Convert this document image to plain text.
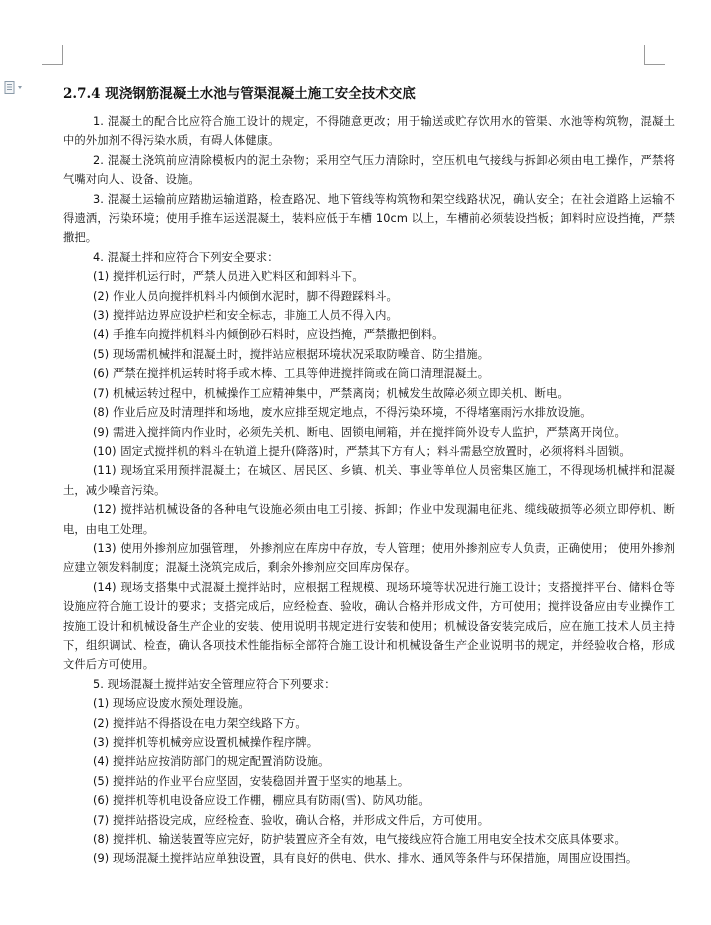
2.7.4 现浇钢筋混凝土水池与管渠混凝土施工安全技术交底

1. 混凝土的配合比应符合施工设计的规定，不得随意更改；用于输送或贮存饮用水的管渠、水池等构筑物，混凝土中的外加剂不得污染水质，有碍人体健康。

2. 混凝土浇筑前应清除模板内的泥土杂物；采用空气压力清除时，空压机电气接线与拆卸必须由电工操作，严禁将气嘴对向人、设备、设施。

3. 混凝土运输前应踏勘运输道路，检查路况、地下管线等构筑物和架空线路状况，确认安全；在社会道路上运输不得遗洒，污染环境；使用手推车运送混凝土，装料应低于车槽 10cm 以上，车槽前必须装设挡板；卸料时应设挡掩，严禁撒把。

4. 混凝土拌和应符合下列安全要求：

(1) 搅拌机运行时，严禁人员进入贮料区和卸料斗下。

(2) 作业人员向搅拌机料斗内倾倒水泥时，脚不得蹬踩料斗。

(3) 搅拌站边界应设护栏和安全标志，非施工人员不得入内。

(4) 手推车向搅拌机料斗内倾倒砂石料时，应设挡掩，严禁撒把倒料。

(5) 现场需机械拌和混凝土时，搅拌站应根据环境状况采取防噪音、防尘措施。

(6) 严禁在搅拌机运转时将手或木棒、工具等伸进搅拌筒或在筒口清理混凝土。

(7) 机械运转过程中，机械操作工应精神集中，严禁离岗；机械发生故障必须立即关机、断电。

(8) 作业后应及时清理拌和场地，废水应排至规定地点，不得污染环境，不得堵塞雨污水排放设施。

(9) 需进入搅拌筒内作业时，必须先关机、断电、固锁电闸箱，并在搅拌筒外设专人监护，严禁离开岗位。

(10) 固定式搅拌机的料斗在轨道上提升(降落)时，严禁其下方有人；料斗需悬空放置时，必须将料斗固锁。

(11) 现场宜采用预拌混凝土；在城区、居民区、乡镇、机关、事业等单位人员密集区施工，不得现场机械拌和混凝土，减少噪音污染。

(12) 搅拌站机械设备的各种电气设施必须由电工引接、拆卸；作业中发现漏电征兆、缆线破损等必须立即停机、断电，由电工处理。

(13) 使用外掺剂应加强管理， 外掺剂应在库房中存放，专人管理；使用外掺剂应专人负责，正确使用； 使用外掺剂应建立领发料制度；混凝土浇筑完成后，剩余外掺剂应交回库房保存。

(14) 现场支搭集中式混凝土搅拌站时，应根据工程规模、现场环境等状况进行施工设计；支搭搅拌平台、储料仓等设施应符合施工设计的要求；支搭完成后，应经检查、验收，确认合格并形成文件，方可使用；搅拌设备应由专业操作工按施工设计和机械设备生产企业的安装、使用说明书规定进行安装和使用；机械设备安装完成后，应在施工技术人员主持下，组织调试、检查，确认各项技术性能指标全部符合施工设计和机械设备生产企业说明书的规定，并经验收合格，形成文件后方可使用。

5. 现场混凝土搅拌站安全管理应符合下列要求：

(1) 现场应设废水预处理设施。

(2) 搅拌站不得搭设在电力架空线路下方。

(3) 搅拌机等机械旁应设置机械操作程序牌。

(4) 搅拌站应按消防部门的规定配置消防设施。

(5) 搅拌站的作业平台应坚固，安装稳固并置于坚实的地基上。

(6) 搅拌机等机电设备应设工作棚，棚应具有防雨(雪)、防风功能。

(7) 搅拌站搭设完成，应经检查、验收，确认合格，并形成文件后，方可使用。

(8) 搅拌机、输送装置等应完好，防护装置应齐全有效，电气接线应符合施工用电安全技术交底具体要求。

(9) 现场混凝土搅拌站应单独设置，具有良好的供电、供水、排水、通风等条件与环保措施，周围应设围挡。
